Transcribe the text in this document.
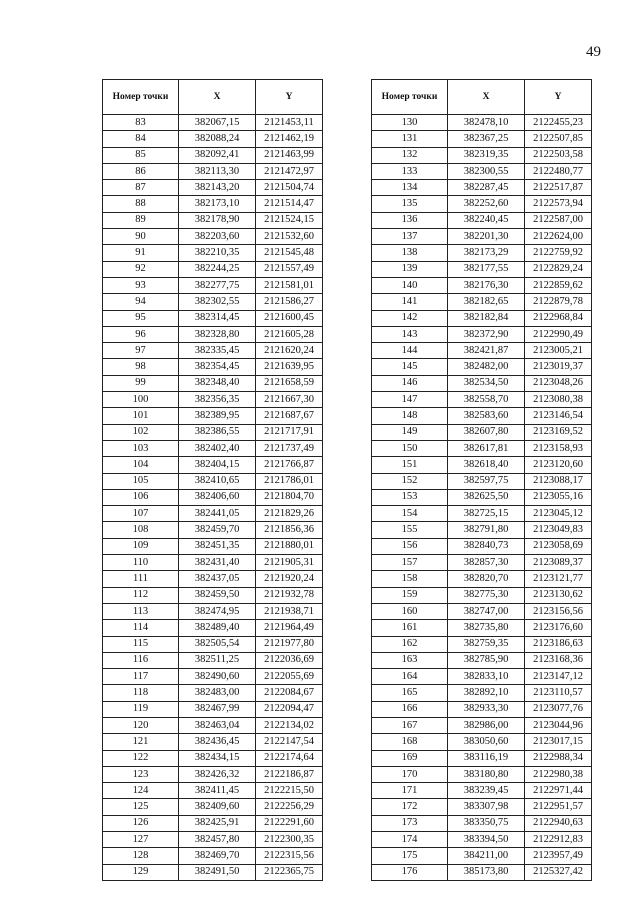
49
Номер точки	X	Y
83	382067,15	2121453,11
84	382088,24	2121462,19
85	382092,41	2121463,99
86	382113,30	2121472,97
87	382143,20	2121504,74
88	382173,10	2121514,47
89	382178,90	2121524,15
90	382203,60	2121532,60
91	382210,35	2121545,48
92	382244,25	2121557,49
93	382277,75	2121581,01
94	382302,55	2121586,27
95	382314,45	2121600,45
96	382328,80	2121605,28
97	382335,45	2121620,24
98	382354,45	2121639,95
99	382348,40	2121658,59
100	382356,35	2121667,30
101	382389,95	2121687,67
102	382386,55	2121717,91
103	382402,40	2121737,49
104	382404,15	2121766,87
105	382410,65	2121786,01
106	382406,60	2121804,70
107	382441,05	2121829,26
108	382459,70	2121856,36
109	382451,35	2121880,01
110	382431,40	2121905,31
111	382437,05	2121920,24
112	382459,50	2121932,78
113	382474,95	2121938,71
114	382489,40	2121964,49
115	382505,54	2121977,80
116	382511,25	2122036,69
117	382490,60	2122055,69
118	382483,00	2122084,67
119	382467,99	2122094,47
120	382463,04	2122134,02
121	382436,45	2122147,54
122	382434,15	2122174,64
123	382426,32	2122186,87
124	382411,45	2122215,50
125	382409,60	2122256,29
126	382425,91	2122291,60
127	382457,80	2122300,35
128	382469,70	2122315,56
129	382491,50	2122365,75
Номер точки	X	Y
130	382478,10	2122455,23
131	382367,25	2122507,85
132	382319,35	2122503,58
133	382300,55	2122480,77
134	382287,45	2122517,87
135	382252,60	2122573,94
136	382240,45	2122587,00
137	382201,30	2122624,00
138	382173,29	2122759,92
139	382177,55	2122829,24
140	382176,30	2122859,62
141	382182,65	2122879,78
142	382182,84	2122968,84
143	382372,90	2122990,49
144	382421,87	2123005,21
145	382482,00	2123019,37
146	382534,50	2123048,26
147	382558,70	2123080,38
148	382583,60	2123146,54
149	382607,80	2123169,52
150	382617,81	2123158,93
151	382618,40	2123120,60
152	382597,75	2123088,17
153	382625,50	2123055,16
154	382725,15	2123045,12
155	382791,80	2123049,83
156	382840,73	2123058,69
157	382857,30	2123089,37
158	382820,70	2123121,77
159	382775,30	2123130,62
160	382747,00	2123156,56
161	382735,80	2123176,60
162	382759,35	2123186,63
163	382785,90	2123168,36
164	382833,10	2123147,12
165	382892,10	2123110,57
166	382933,30	2123077,76
167	382986,00	2123044,96
168	383050,60	2123017,15
169	383116,19	2122988,34
170	383180,80	2122980,38
171	383239,45	2122971,44
172	383307,98	2122951,57
173	383350,75	2122940,63
174	383394,50	2122912,83
175	384211,00	2123957,49
176	385173,80	2125327,42
